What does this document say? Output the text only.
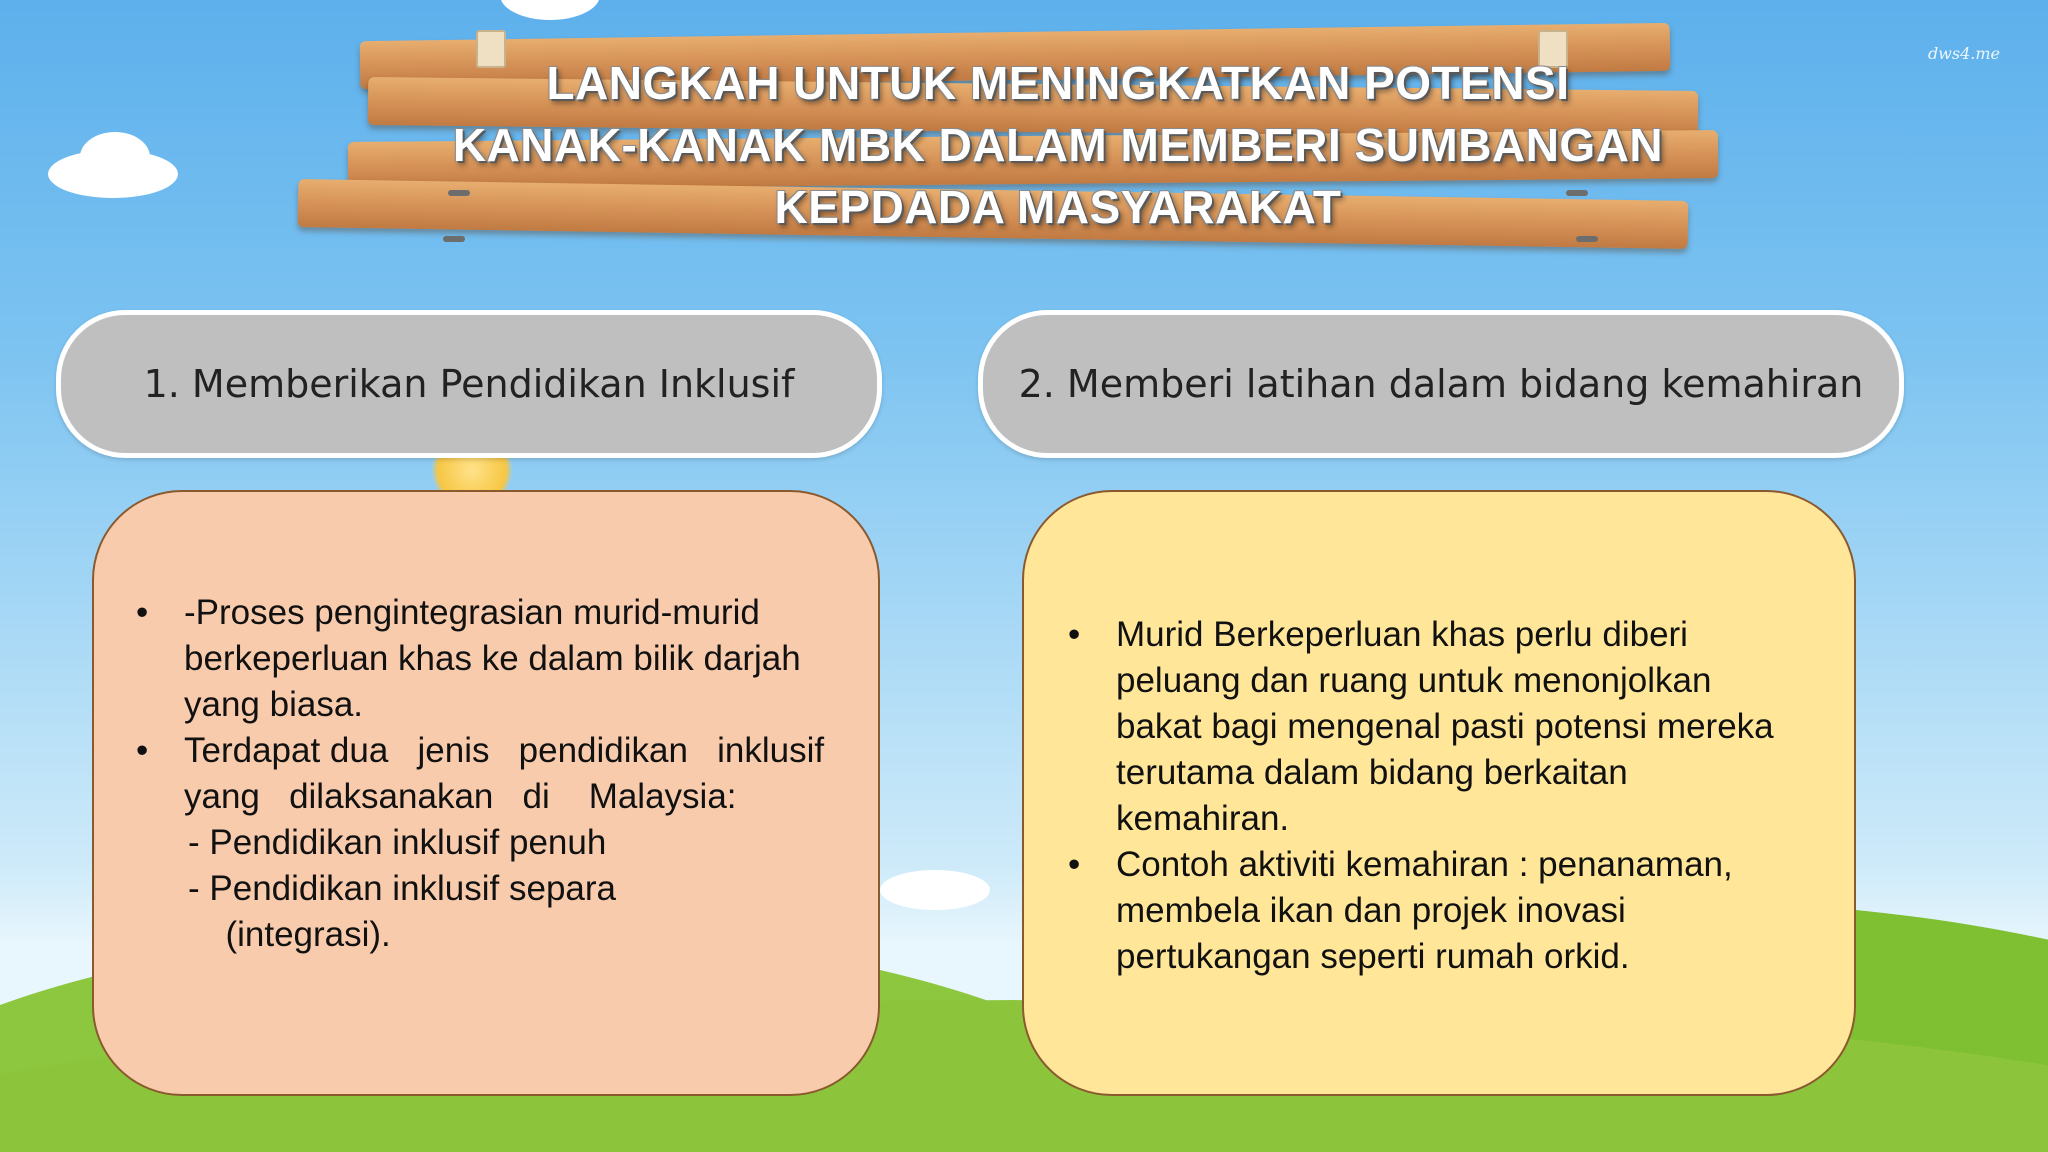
dws4.me
LANGKAH UNTUK MENINGKATKAN POTENSI
KANAK-KANAK MBK DALAM MEMBERI SUMBANGAN
KEPDADA MASYARAKAT
1. Memberikan Pendidikan Inklusif	2. Memberi latihan dalam bidang kemahiran
• -Proses pengintegrasian murid-murid
berkeperluan khas ke dalam bilik darjah
yang biasa.
• Terdapat dua   jenis   pendidikan   inklusif
yang   dilaksanakan   di    Malaysia:
- Pendidikan inklusif penuh
- Pendidikan inklusif separa
(integrasi).
• Murid Berkeperluan khas perlu diberi
peluang dan ruang untuk menonjolkan
bakat bagi mengenal pasti potensi mereka
terutama dalam bidang berkaitan
kemahiran.
• Contoh aktiviti kemahiran : penanaman,
membela ikan dan projek inovasi
pertukangan seperti rumah orkid.
